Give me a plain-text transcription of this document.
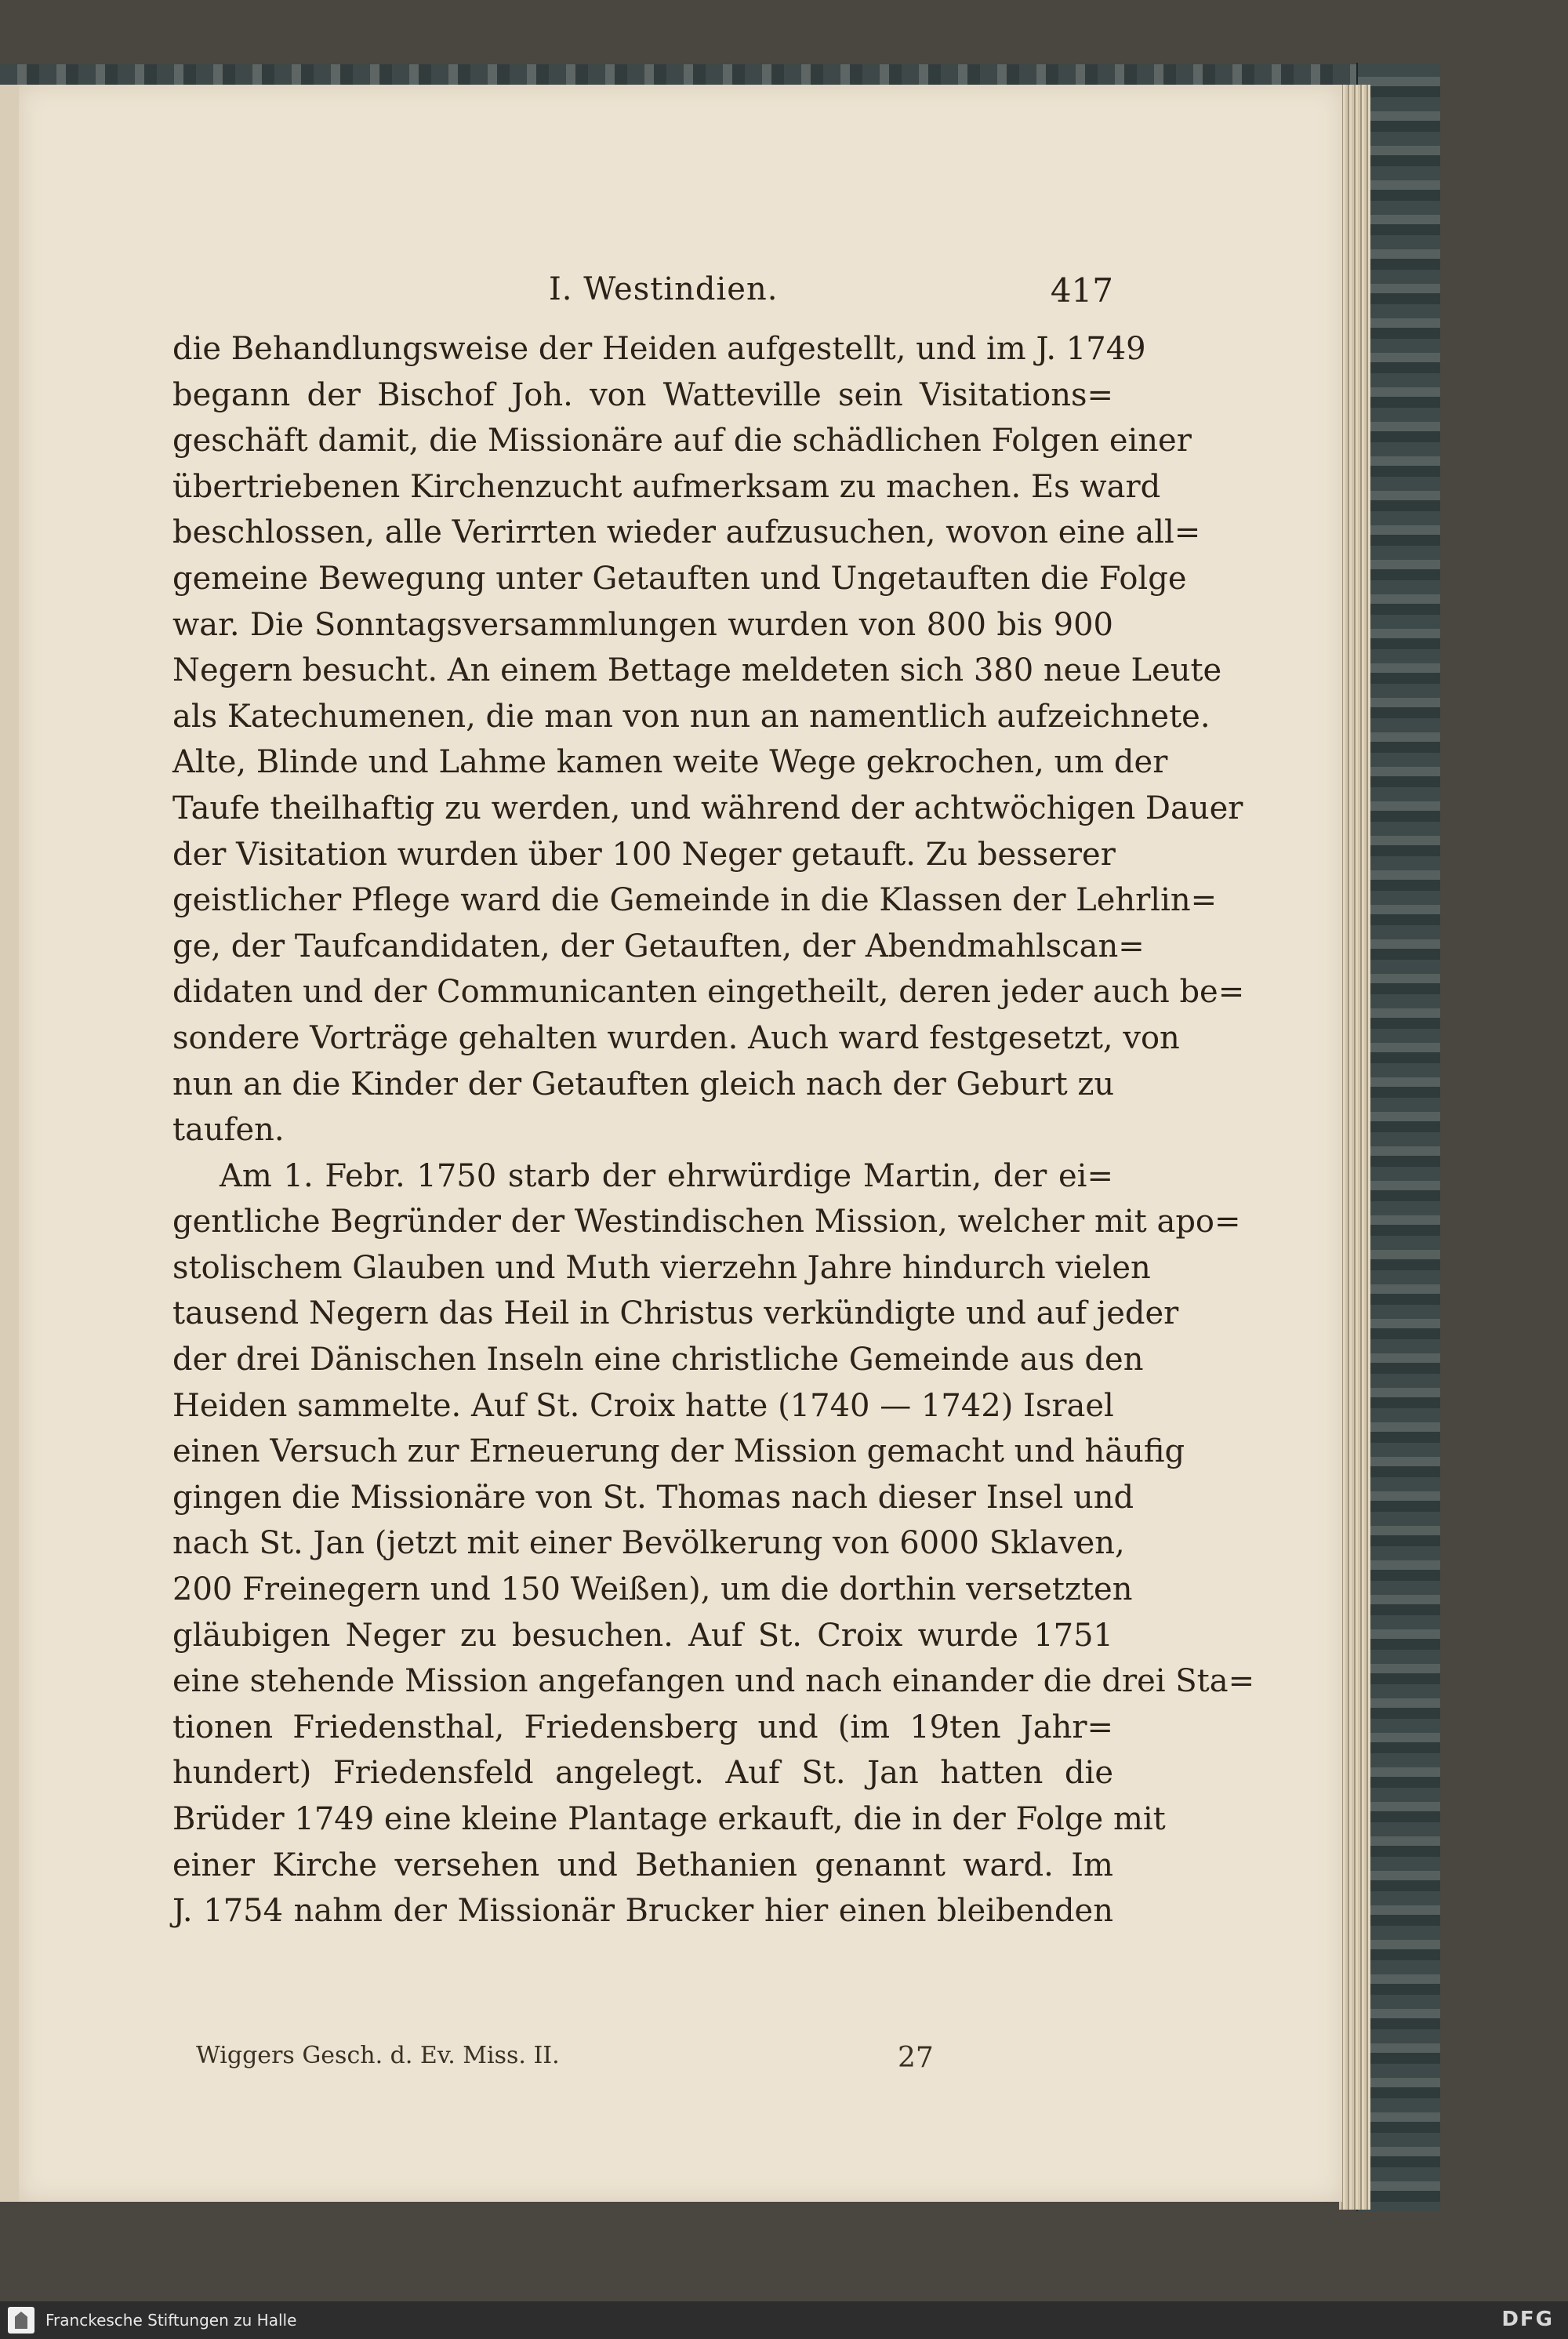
I. Westindien.	417
die Behandlungsweise der Heiden aufgestellt, und im J. 1749
begann der Bischof Joh. von Watteville sein Visitations=
geschäft damit, die Missionäre auf die schädlichen Folgen einer
übertriebenen Kirchenzucht aufmerksam zu machen. Es ward
beschlossen, alle Verirrten wieder aufzusuchen, wovon eine all=
gemeine Bewegung unter Getauften und Ungetauften die Folge
war. Die Sonntagsversammlungen wurden von 800 bis 900
Negern besucht. An einem Bettage meldeten sich 380 neue Leute
als Katechumenen, die man von nun an namentlich aufzeichnete.
Alte, Blinde und Lahme kamen weite Wege gekrochen, um der
Taufe theilhaftig zu werden, und während der achtwöchigen Dauer
der Visitation wurden über 100 Neger getauft. Zu besserer
geistlicher Pflege ward die Gemeinde in die Klassen der Lehrlin=
ge, der Taufcandidaten, der Getauften, der Abendmahlscan=
didaten und der Communicanten eingetheilt, deren jeder auch be=
sondere Vorträge gehalten wurden. Auch ward festgesetzt, von
nun an die Kinder der Getauften gleich nach der Geburt zu
taufen.
Am 1. Febr. 1750 starb der ehrwürdige Martin, der ei=
gentliche Begründer der Westindischen Mission, welcher mit apo=
stolischem Glauben und Muth vierzehn Jahre hindurch vielen
tausend Negern das Heil in Christus verkündigte und auf jeder
der drei Dänischen Inseln eine christliche Gemeinde aus den
Heiden sammelte. Auf St. Croix hatte (1740 — 1742) Israel
einen Versuch zur Erneuerung der Mission gemacht und häufig
gingen die Missionäre von St. Thomas nach dieser Insel und
nach St. Jan (jetzt mit einer Bevölkerung von 6000 Sklaven,
200 Freinegern und 150 Weißen), um die dorthin versetzten
gläubigen Neger zu besuchen. Auf St. Croix wurde 1751
eine stehende Mission angefangen und nach einander die drei Sta=
tionen Friedensthal, Friedensberg und (im 19ten Jahr=
hundert) Friedensfeld angelegt. Auf St. Jan hatten die
Brüder 1749 eine kleine Plantage erkauft, die in der Folge mit
einer Kirche versehen und Bethanien genannt ward. Im
J. 1754 nahm der Missionär Brucker hier einen bleibenden
Wiggers Gesch. d. Ev. Miss. II.	27
Franckesche Stiftungen zu Halle	DFG
